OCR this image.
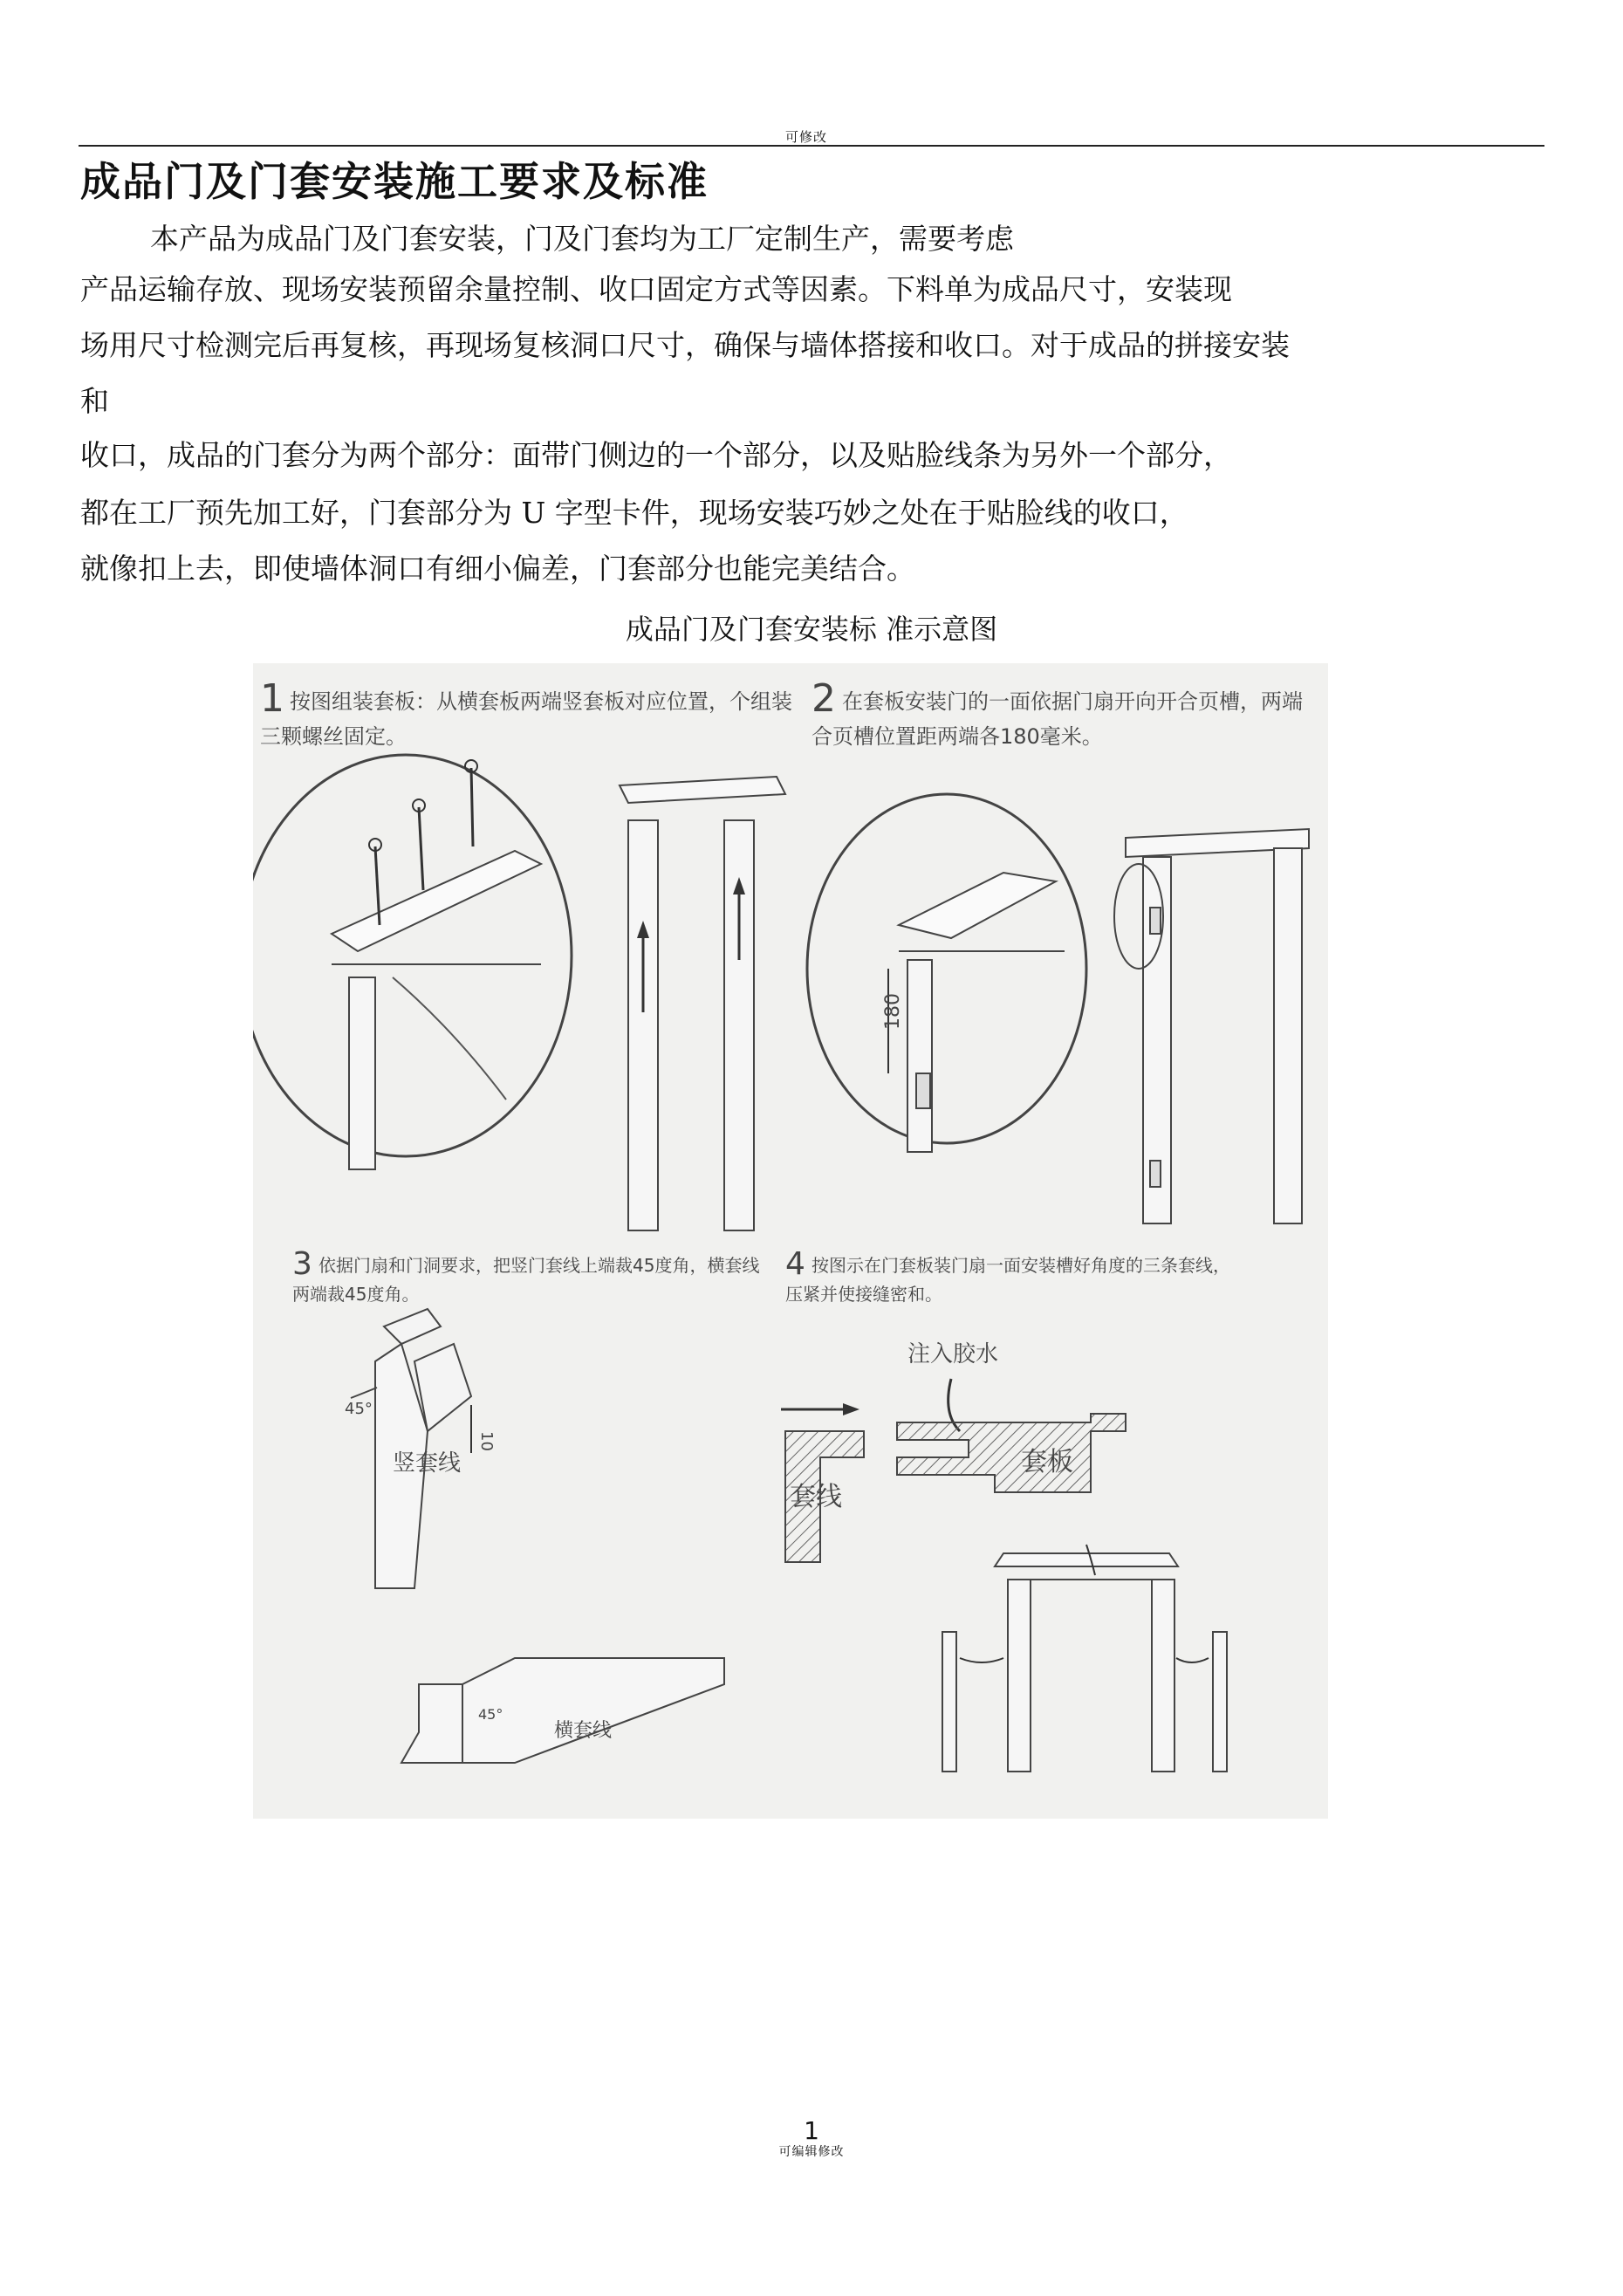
可修改
成品门及门套安装施工要求及标准
本产品为成品门及门套安装，门及门套均为工厂定制生产，需要考虑
产品运输存放、现场安装预留余量控制、收口固定方式等因素。下料单为成品尺寸，安装现
场用尺寸检测完后再复核，再现场复核洞口尺寸，确保与墙体搭接和收口。对于成品的拼接安装
和
收口，成品的门套分为两个部分：面带门侧边的一个部分，以及贴脸线条为另外一个部分，
都在工厂预先加工好，门套部分为 U 字型卡件，现场安装巧妙之处在于贴脸线的收口，
就像扣上去，即使墙体洞口有细小偏差，门套部分也能完美结合。
成品门及门套安装标 准示意图
1 按图组装套板：从横套板两端竖套板对应位置，个组装
三颗螺丝固定。
2 在套板安装门的一面依据门扇开向开合页槽，两端
合页槽位置距两端各180毫米。
180
3 依据门扇和门洞要求，把竖门套线上端裁45度角，横套线
两端裁45度角。
45°
10
竖套线
45°
横套线
4 按图示在门套板装门扇一面安装槽好角度的三条套线，
压紧并使接缝密和。
注入胶水
套板
套线
1
可编辑修改
